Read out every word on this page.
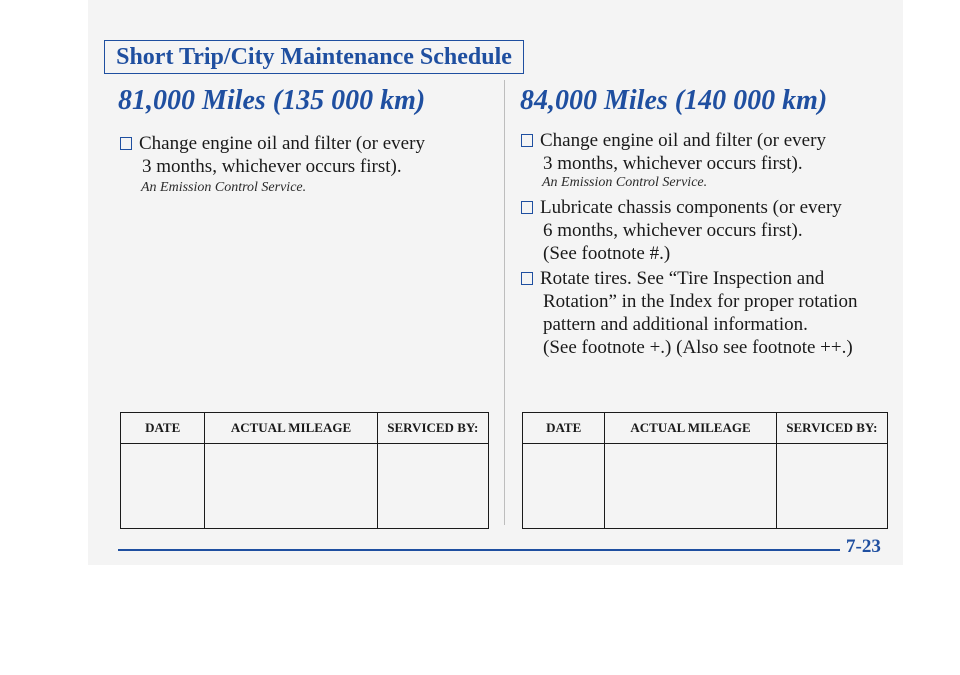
Short Trip/City Maintenance Schedule
81,000 Miles (135 000 km)
Change engine oil and filter (or every
3 months, whichever occurs first).
An Emission Control Service.
DATE	ACTUAL MILEAGE	SERVICED BY:

84,000 Miles (140 000 km)
Change engine oil and filter (or every
3 months, whichever occurs first).
An Emission Control Service.
Lubricate chassis components (or every
6 months, whichever occurs first).
(See footnote #.)
Rotate tires. See “Tire Inspection and
Rotation” in the Index for proper rotation
pattern and additional information.
(See footnote +.) (Also see footnote ++.)
DATE	ACTUAL MILEAGE	SERVICED BY:

7-23
